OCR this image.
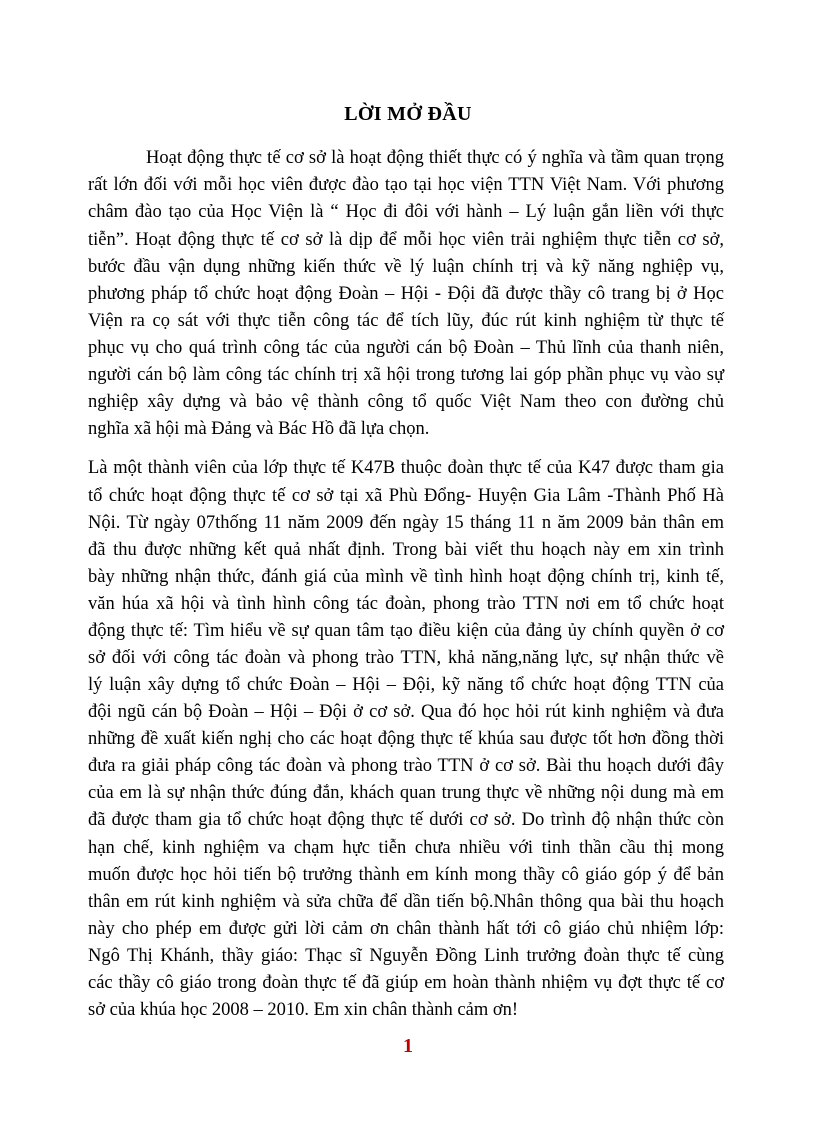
LỜI MỞ ĐẦU

Hoạt động thực tế cơ sở là hoạt động thiết thực có ý nghĩa và tầm quan trọng

rất lớn đối với mỗi học viên được đào tạo tại học viện TTN Việt Nam. Với phương

châm đào tạo của Học Viện là “ Học đi đôi với hành – Lý luận gắn liền với thực

tiễn”. Hoạt động thực tế cơ sở là dịp để mỗi học viên trải nghiệm thực tiễn cơ sở,

bước đầu vận dụng những kiến thức về lý luận chính trị và kỹ năng nghiệp vụ,

phương pháp tổ chức hoạt động Đoàn – Hội - Đội đã được thầy cô trang bị ở Học

Viện ra cọ sát với thực tiễn công tác để tích lũy, đúc rút kinh nghiệm từ thực tế

phục vụ cho quá trình công tác của người cán bộ Đoàn – Thủ lĩnh của thanh niên,

người cán bộ làm công tác chính trị xã hội trong tương lai góp phần phục vụ vào sự

nghiệp xây dựng và bảo vệ thành công tổ quốc Việt Nam theo con đường chủ

nghĩa xã hội mà Đảng và Bác Hồ đã lựa chọn.

Là một thành viên của lớp thực tế K47B thuộc đoàn thực tế của K47 được tham gia

tổ chức hoạt động thực tế cơ sở tại xã Phù Đổng- Huyện Gia Lâm -Thành Phố Hà

Nội. Từ ngày 07thống 11 năm 2009 đến ngày 15 tháng 11 n ăm 2009 bản thân em

đã thu được những kết quả nhất định. Trong bài viết thu hoạch này em xin trình

bày những nhận thức, đánh giá của mình về tình hình hoạt động chính trị, kinh tế,

văn húa xã hội và tình hình công tác đoàn, phong trào TTN nơi em tổ chức hoạt

động thực tế: Tìm hiểu về sự quan tâm tạo điều kiện của đảng ủy chính quyền ở cơ

sở đối với công tác đoàn và phong trào TTN, khả năng,năng lực, sự nhận thức về

lý luận xây dựng tổ chức Đoàn – Hội – Đội, kỹ năng tổ chức hoạt động TTN của

đội ngũ cán bộ Đoàn – Hội – Đội ở cơ sở. Qua đó học hỏi rút kinh nghiệm và đưa

những đề xuất kiến nghị cho các hoạt động thực tế khúa sau được tốt hơn đồng thời

đưa ra giải pháp công tác đoàn và phong trào TTN ở cơ sở. Bài thu hoạch dưới đây

của em là sự nhận thức đúng đắn, khách quan trung thực về những nội dung mà em

đã được tham gia tổ chức hoạt động thực tế dưới cơ sở. Do trình độ nhận thức còn

hạn chế, kinh nghiệm va chạm hực tiễn chưa nhiều với tinh thần cầu thị mong

muốn được học hỏi tiến bộ trưởng thành em kính mong thầy cô giáo góp ý để bản

thân em rút kinh nghiệm và sửa chữa để dần tiến bộ.Nhân thông qua bài thu hoạch

này cho phép em được gửi lời cảm ơn chân thành hất tới cô giáo chủ nhiệm lớp:

Ngô Thị Khánh, thầy giáo: Thạc sĩ Nguyễn Đồng Linh trưởng đoàn thực tế cùng

các thầy cô giáo trong đoàn thực tế đã giúp em hoàn thành nhiệm vụ đợt thực tế cơ

sở của khúa học 2008 – 2010. Em xin chân thành cảm ơn!

1
